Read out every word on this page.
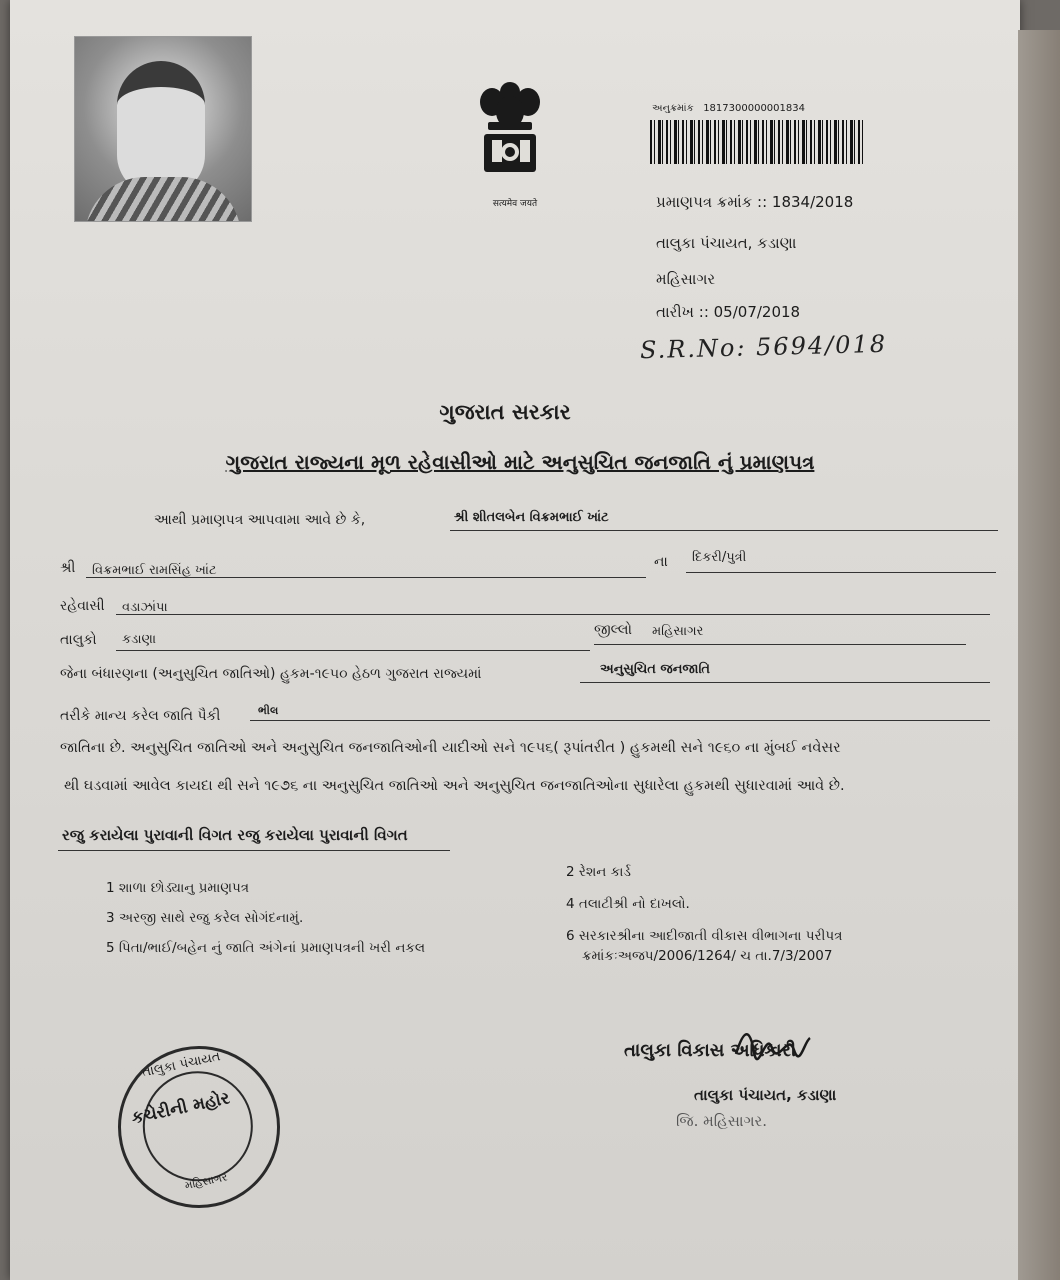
सत्यमेव जयते
અનુક્રમાંક 1817300000001834
પ્રમાણપત્ર ક્રમાંક :: 1834/2018
તાલુકા પંચાયત, કડાણા
મહિસાગર
તારીખ :: 05/07/2018
S.R.No: 5694/018
ગુજરાત સરકાર
ગુજરાત રાજ્યના મૂળ રહેવાસીઓ માટે અનુસુચિત જનજાતિ નું પ્રમાણપત્ર
આથી પ્રમાણપત્ર આપવામા આવે છે કે,	શ્રી શીતલબેન વિક્રમભાઈ ખાંટ
શ્રી વિક્રમભાઈ રામસિંહ ખાંટ
ના દિકરી/પુત્રી
રહેવાસી વડાઝાંપા
તાલુકો કડાણા
જીલ્લો મહિસાગર
જેના બંધારણના (અનુસુચિત જાતિઓ) હુકમ-૧૯૫૦ હેઠળ ગુજરાત રાજ્યમાં	અનુસુચિત જનજાતિ
તરીકે માન્ય કરેલ જાતિ પૈકી	ભીલ
જાતિના છે. અનુસુચિત જાતિઓ અને અનુસુચિત જનજાતિઓની યાદીઓ સને ૧૯૫૬( રૂપાંતરીત ) હુકમથી સને ૧૯૬૦ ના મુંબઈ નવેસર
થી ઘડવામાં આવેલ કાયદા થી સને ૧૯૭૬ ના અનુસુચિત જાતિઓ અને અનુસુચિત જનજાતિઓના સુધારેલા હુકમથી સુધારવામાં આવે છે.
રજુ કરાયેલા પુરાવાની વિગત રજુ કરાયેલા પુરાવાની વિગત
1 શાળા છોડ્યાનુ પ્રમાણપત્ર
2 રેશન કાર્ડ
3 અરજી સાથે રજુ કરેલ સોગંદનામું.
4 તલાટીશ્રી નો દાખલો.
5 પિતા/ભાઈ/બહેન નું જાતિ અંગેનાં પ્રમાણપત્રની ખરી નકલ
6 સરકારશ્રીના આદીજાતી વીકાસ વીભાગના પરીપત્ર
ક્રમાંકઃઅજપ/2006/1264/ ચ તા.7/3/2007
તાલુકા પંચાયત
કચેરીની મહોર
મહિસાગર
તાલુકા વિકાસ અધિકારી
તાલુકા પંચાયત, કડાણા
જિ. મહિસાગર.
